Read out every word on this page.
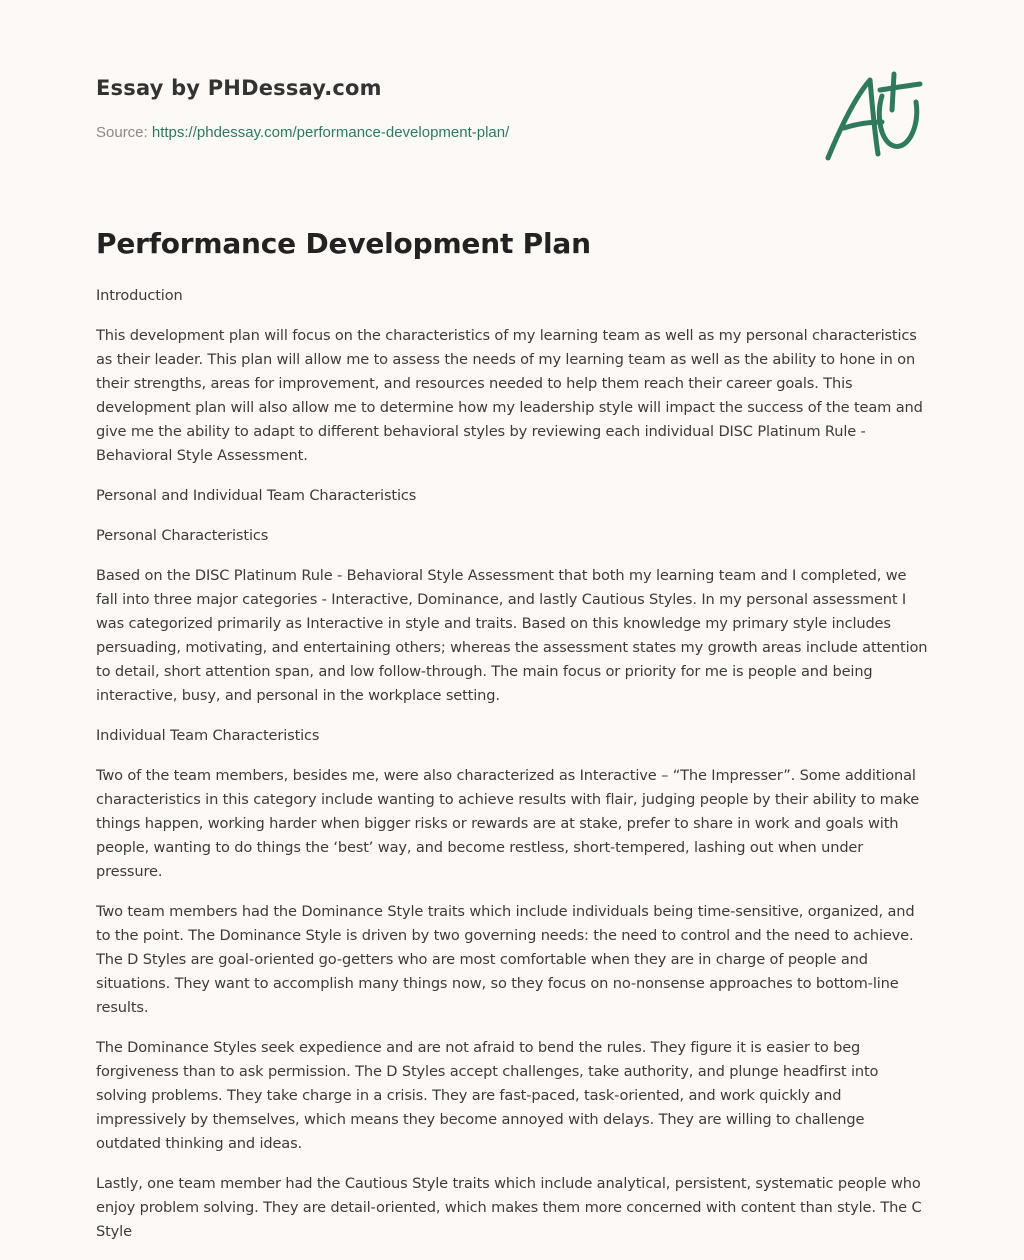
Essay by PHDessay.com
Source: https://phdessay.com/performance-development-plan/
Performance Development Plan

Introduction

This development plan will focus on the characteristics of my learning team as well as my personal characteristics as their leader. This plan will allow me to assess the needs of my learning team as well as the ability to hone in on their strengths, areas for improvement, and resources needed to help them reach their career goals. This development plan will also allow me to determine how my leadership style will impact the success of the team and give me the ability to adapt to different behavioral styles by reviewing each individual DISC Platinum Rule - Behavioral Style Assessment.

Personal and Individual Team Characteristics

Personal Characteristics

Based on the DISC Platinum Rule - Behavioral Style Assessment that both my learning team and I completed, we fall into three major categories - Interactive, Dominance, and lastly Cautious Styles. In my personal assessment I was categorized primarily as Interactive in style and traits. Based on this knowledge my primary style includes persuading, motivating, and entertaining others; whereas the assessment states my growth areas include attention to detail, short attention span, and low follow-through. The main focus or priority for me is people and being interactive, busy, and personal in the workplace setting.

Individual Team Characteristics

Two of the team members, besides me, were also characterized as Interactive – “The Impresser”. Some additional characteristics in this category include wanting to achieve results with flair, judging people by their ability to make things happen, working harder when bigger risks or rewards are at stake, prefer to share in work and goals with people, wanting to do things the ‘best’ way, and become restless, short-tempered, lashing out when under pressure.

Two team members had the Dominance Style traits which include individuals being time-sensitive, organized, and to the point. The Dominance Style is driven by two governing needs: the need to control and the need to achieve. The D Styles are goal-oriented go-getters who are most comfortable when they are in charge of people and situations. They want to accomplish many things now, so they focus on no-nonsense approaches to bottom-line results.

The Dominance Styles seek expedience and are not afraid to bend the rules. They figure it is easier to beg forgiveness than to ask permission. The D Styles accept challenges, take authority, and plunge headfirst into solving problems. They take charge in a crisis. They are fast-paced, task-oriented, and work quickly and impressively by themselves, which means they become annoyed with delays. They are willing to challenge outdated thinking and ideas.

Lastly, one team member had the Cautious Style traits which include analytical, persistent, systematic people who enjoy problem solving. They are detail-oriented, which makes them more concerned with content than style. The C Style
